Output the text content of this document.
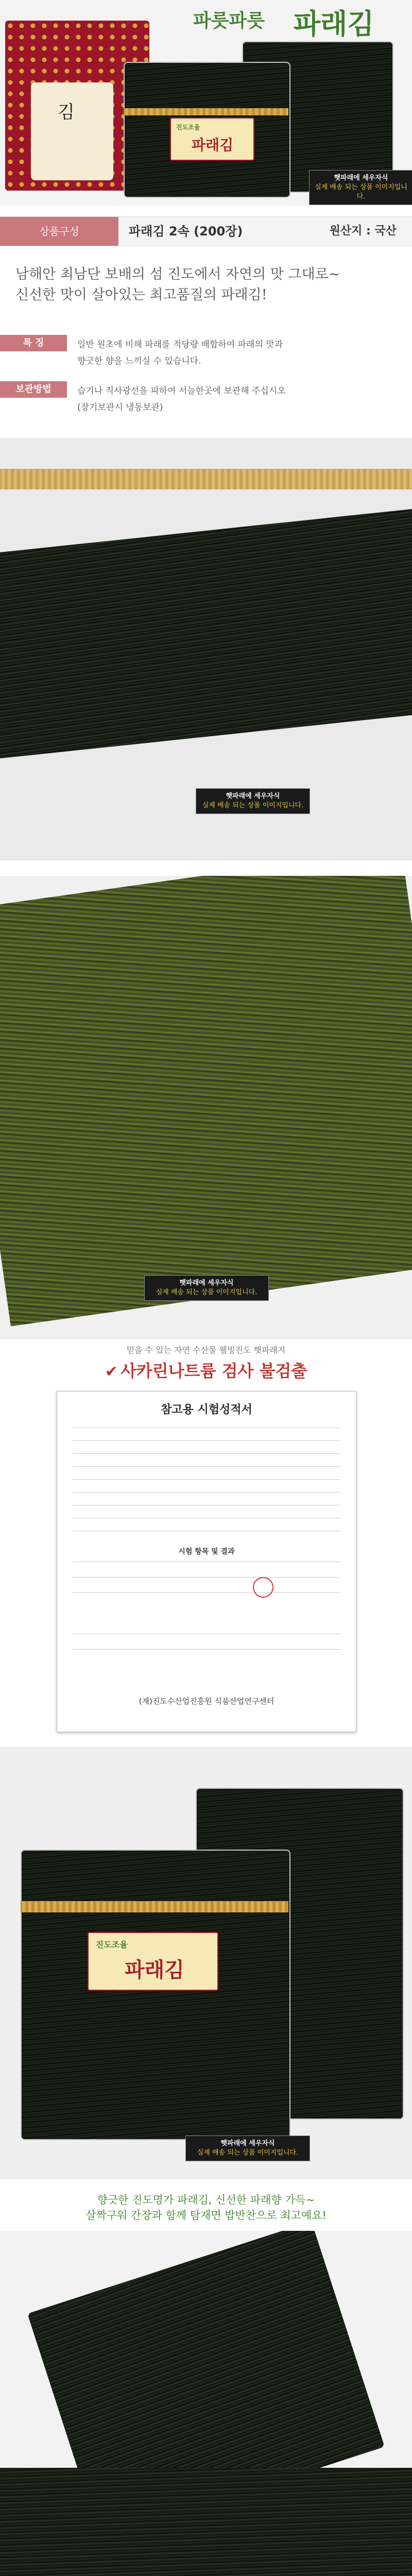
파릇파릇 파래김
김
진도조율
파래김
햇파래에 세우자식
실제 배송 되는 상품 이미지입니다.
상품구성	파래김 2속 (200장)	원산지 : 국산
남해안 최남단 보배의 섬 진도에서 자연의 맛 그대로~
신선한 맛이 살아있는 최고품질의 파래김!
특 징	일반 원초에 비해 파래를 적당량 배합하여 파래의 맛과
향긋한 향을 느끼실 수 있습니다.
보관방법	습기나 직사광선을 피하여 서늘한곳에 보관해 주십시오
(장기보관시 냉동보관)
햇파래에 세우자식
실제 배송 되는 상품 이미지입니다.
햇파래에 세우자식
실제 배송 되는 상품 이미지입니다.
믿을 수 있는 자연 수산물 웰빙진도 햇파래지
✔ 사카린나트륨 검사 불검출
참고용 시험성적서
시험 항목 및 결과
(재)진도수산업진흥원 식품산업연구센터
진도조율
파래김
햇파래에 세우자식
실제 배송 되는 상품 이미지입니다.
향긋한 진도명가 파래김, 신선한 파래향 가득~
살짝구워 간장과 함께 탐재면 밥반찬으로 최고예요!
